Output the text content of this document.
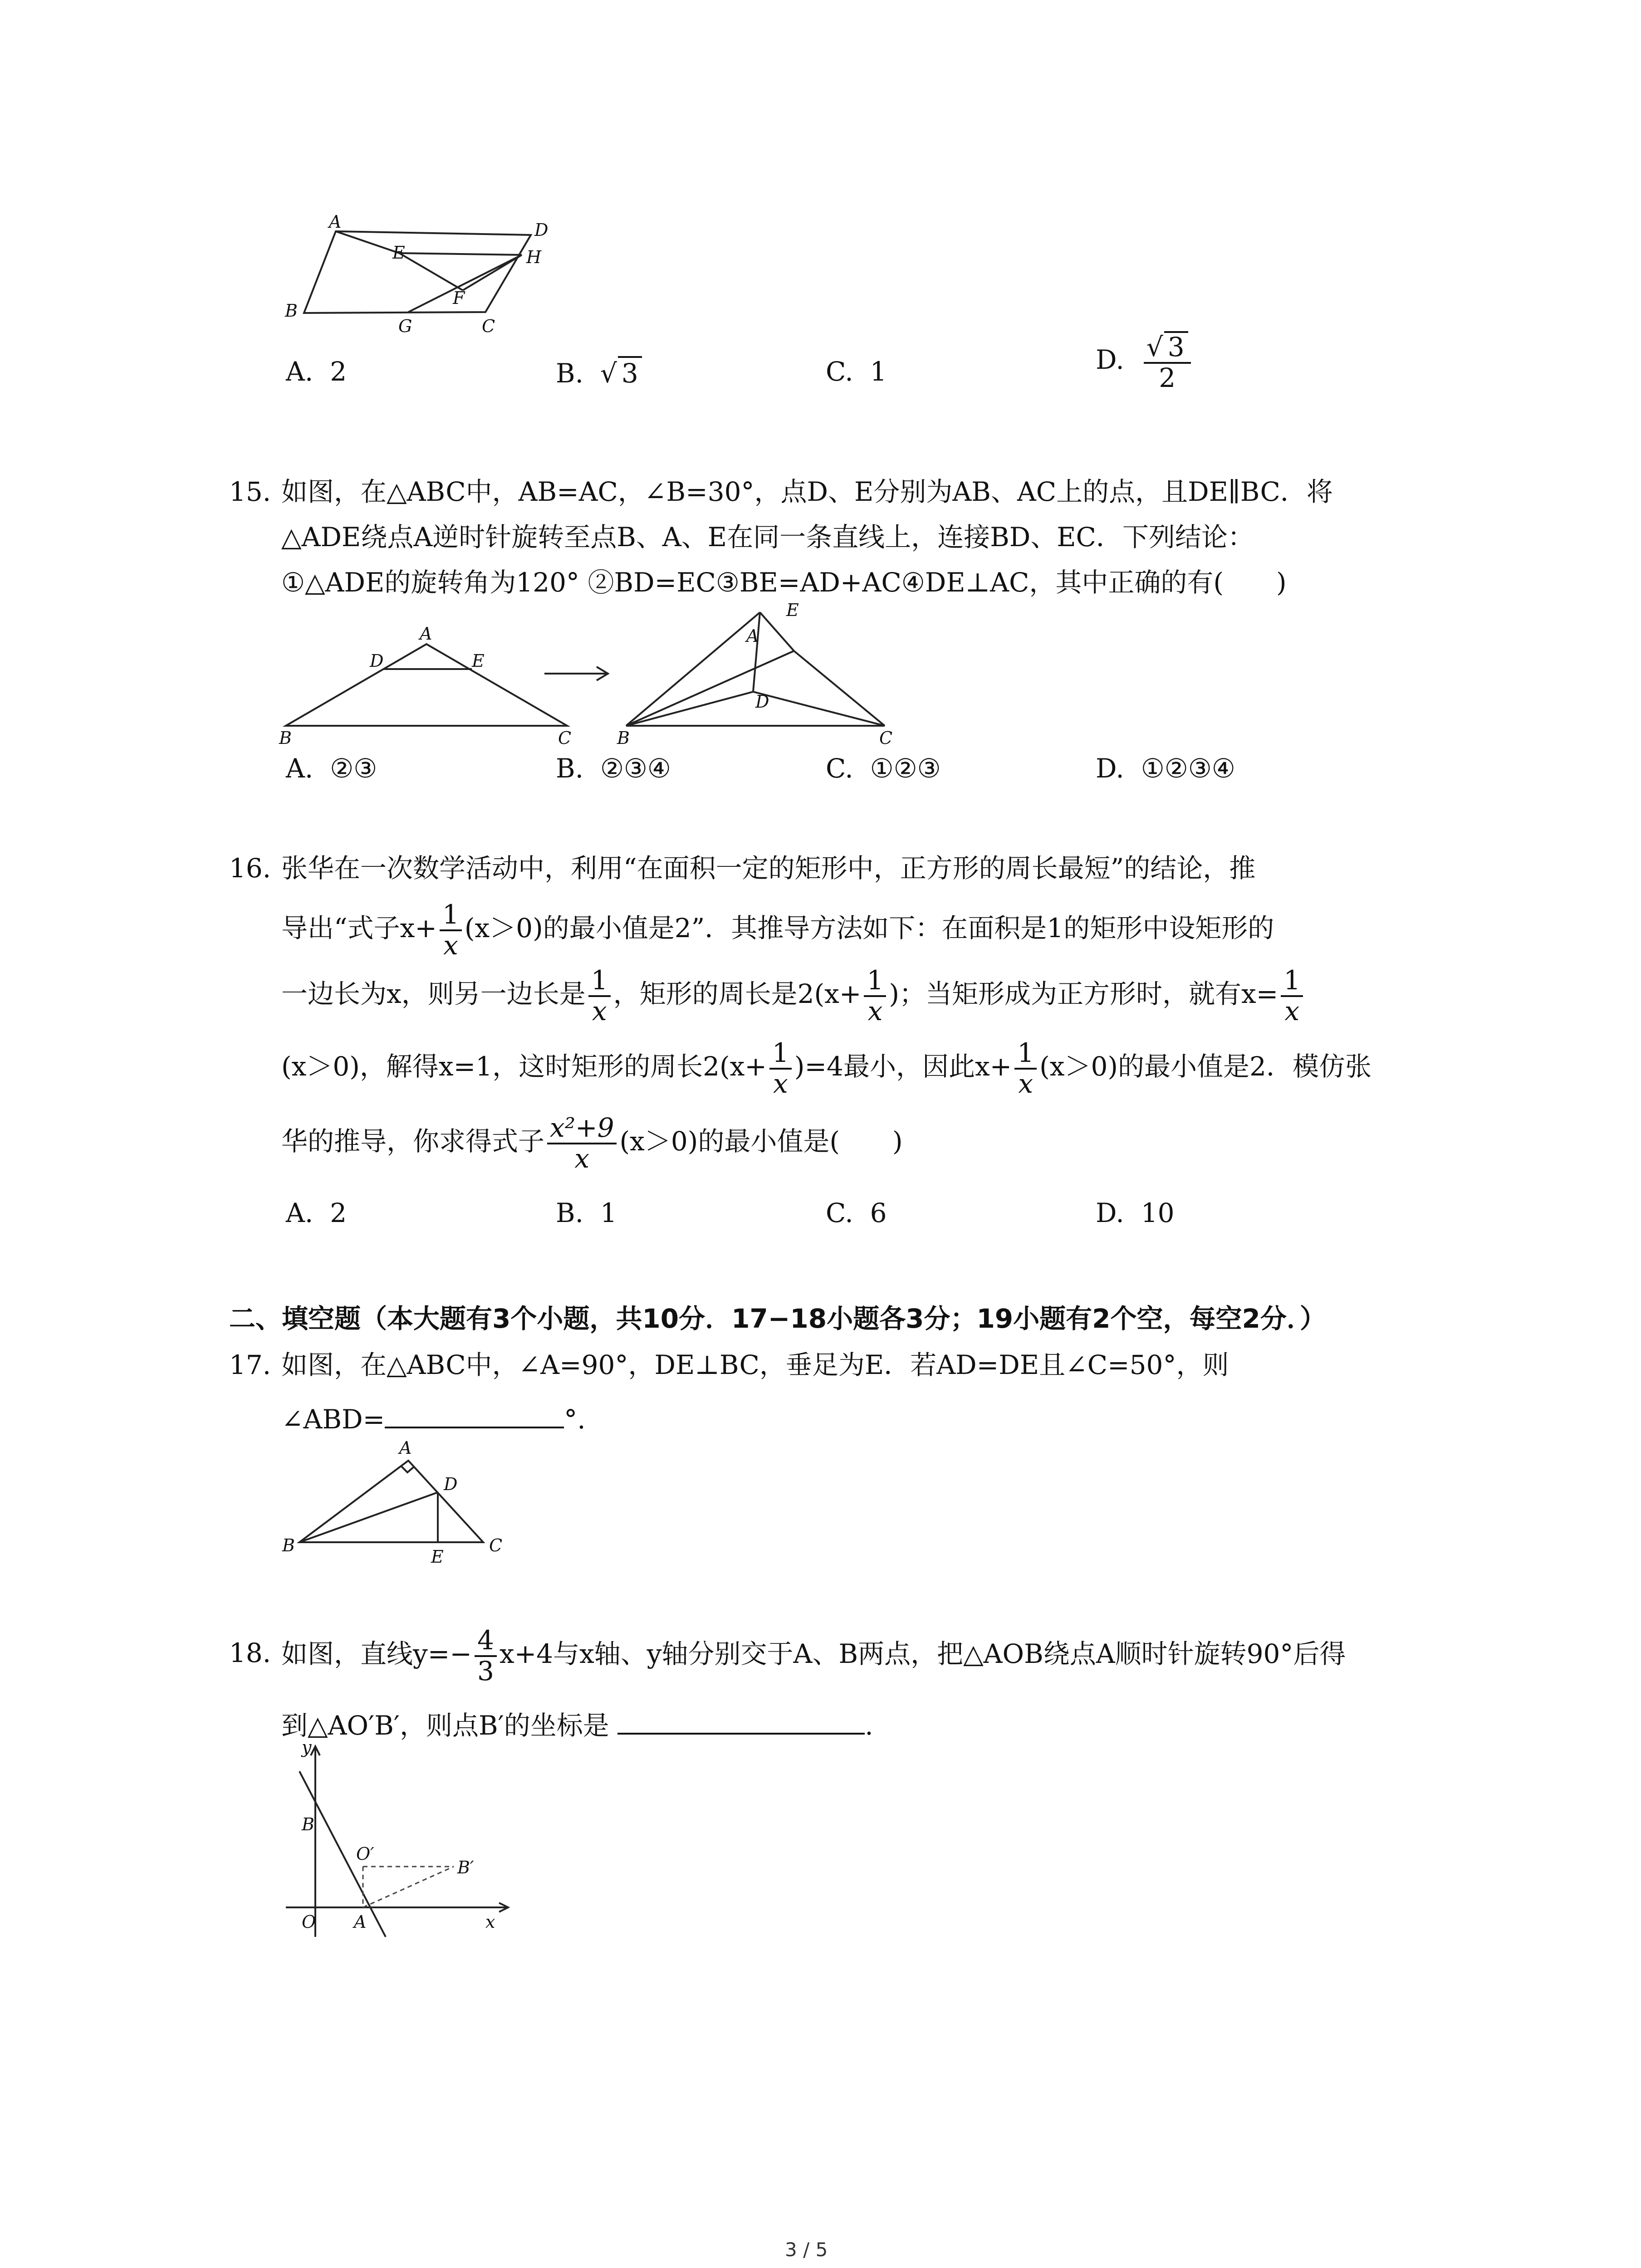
A	D
E	H
F
B
G	C
A. 2	B.  √ 3	C. 1	D. $\frac{√ 3}{2}$
15. 如图，在△ABC中，AB=AC，∠B=30°，点D、E分别为AB、AC上的点，且DE∥BC．将
△ADE绕点A逆时针旋转至点B、A、E在同一条直线上，连接BD、EC．下列结论：
①△ADE的旋转角为120° ②BD=EC③BE=AD+AC④DE⊥AC，其中正确的有(　　)
A
D	E
B	C
E
A
D
B	C
A. ②③	B. ②③④	C. ①②③	D. ①②③④
16. 张华在一次数学活动中，利用“在面积一定的矩形中，正方形的周长最短”的结论，推
导出“式子$x+ \frac{1}{x} (x>0)$的最小值是2”．其推导方法如下：在面积是1的矩形中设矩形的
一边长为x，则另一边长是 $\frac{1}{x}$ ，矩形的周长是$2(x+ \frac{1}{x}$ )；当矩形成为正方形时，就有$x= \frac{1}{x}$
(x＞0)，解得x=1，这时矩形的周长$2(x+ \frac{1}{x} )=4$最小，因此$x+ \frac{1}{x} (x>0)$的最小值是2．模仿张
华的推导，你求得式子 $\frac{\text{x²+9}}{x} (x>0)$的最小值是(　　)
A. 2	B. 1	C. 6	D. 10
二、填空题（本大题有3个小题，共10分．17−18小题各3分；19小题有2个空，每空2分．）
17. 如图，在△ABC中，∠A=90°，DE⊥BC，垂足为E．若AD=DE且∠C=50°，则
∠ABD=	°.
A
D
B
E
C
18. 如图，直线$y=- \frac{4}{3} x+4$与x轴、y轴分别交于A、B两点，把△AOB绕点A顺时针旋转90°后得
到△AO′B′，则点B′的坐标是	.
y
B
O′
B′
O A	x
3 / 5
